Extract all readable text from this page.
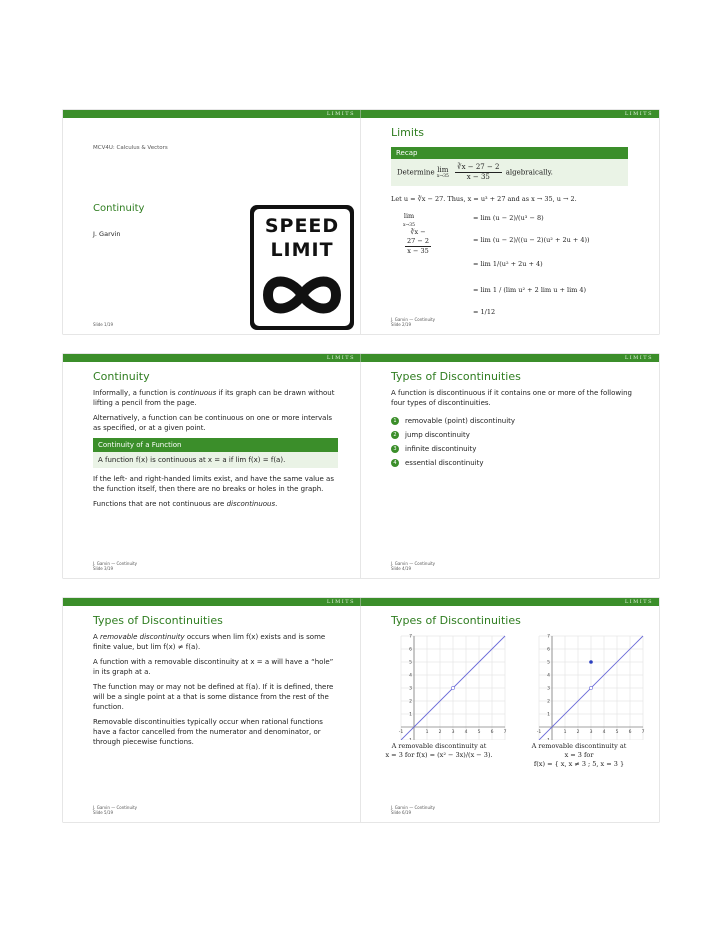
LIMITS
MCV4U: Calculus & Vectors
Continuity
J. Garvin	SPEED
LIMIT
Slide 1/19
LIMITS
Limits
Recap
Determine lim
x→35
$\frac{∛x - 27 - 2}{x - 35}$ algebraically.
Let u = ∛x − 27. Thus, x = u³ + 27 and as x → 35, u → 2.
lim
x→35
$\frac{∛x - 27 - 2}{x - 35}$
= lim (u − 2)/(u³ − 8)
= lim (u − 2)/((u − 2)(u² + 2u + 4))
= lim 1/(u² + 2u + 4)
= lim 1 / (lim u² + 2 lim u + lim 4)
= 1/12
J. Garvin — Continuity
Slide 2/19
LIMITS
Continuity

Informally, a function is continuous if its graph can be drawn without lifting a pencil from the page.

Alternatively, a function can be continuous on one or more intervals as specified, or at a given point.

Continuity of a Function
A function f(x) is continuous at x = a if lim f(x) = f(a).

If the left- and right-handed limits exist, and have the same value as the function itself, then there are no breaks or holes in the graph.

Functions that are not continuous are discontinuous.

J. Garvin — Continuity
Slide 3/19
LIMITS
Types of Discontinuities

A function is discontinuous if it contains one or more of the following four types of discontinuities.

1	removable (point) discontinuity
2	jump discontinuity
3	infinite discontinuity
4	essential discontinuity
J. Garvin — Continuity
Slide 4/19
LIMITS
Types of Discontinuities

A removable discontinuity occurs when lim f(x) exists and is some finite value, but lim f(x) ≠ f(a).

A function with a removable discontinuity at x = a will have a “hole” in its graph at a.

The function may or may not be defined at f(a). If it is defined, there will be a single point at a that is some distance from the rest of the function.

Removable discontinuities typically occur when rational functions have a factor cancelled from the numerator and denominator, or through piecewise functions.

J. Garvin — Continuity
Slide 5/19
LIMITS
Types of Discontinuities
-1	1 2 3 4 5 6 7
7
6
5
4
3
2
1
-1	1 2 3 4 5 6 7
7
6
5
4
3
2
1
A removable discontinuity at
x = 3 for f(x) = (x² − 3x)/(x − 3).
A removable discontinuity at
x = 3 for
f(x) = { x, x ≠ 3 ; 5, x = 3 }
J. Garvin — Continuity
Slide 6/19
